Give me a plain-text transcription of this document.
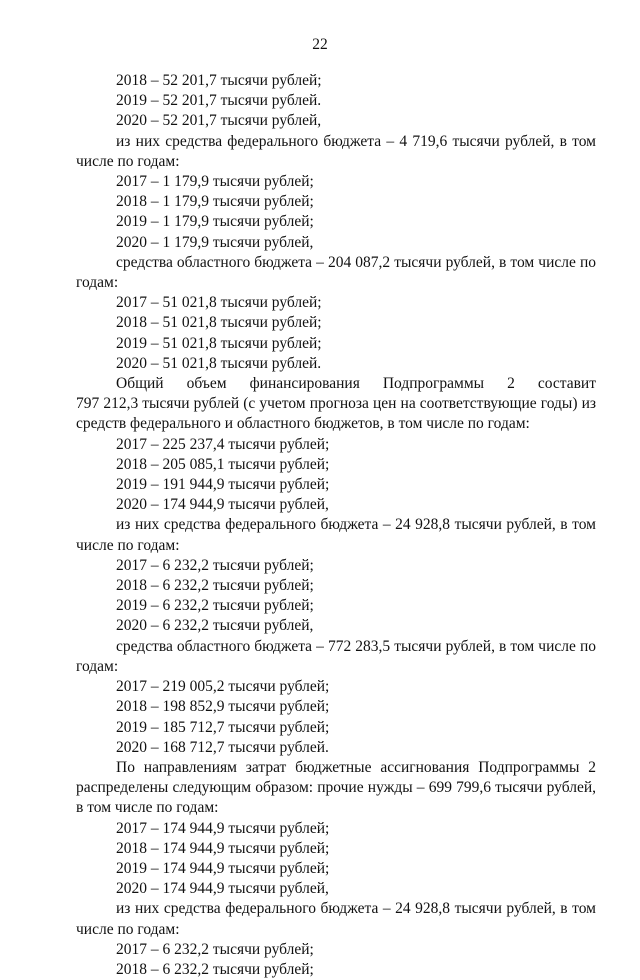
22
2018 – 52 201,7 тысячи рублей;
2019 – 52 201,7 тысячи рублей.
2020 – 52 201,7 тысячи рублей,
из них средства федерального бюджета – 4 719,6 тысячи рублей, в том
числе по годам:
2017 – 1 179,9 тысячи рублей;
2018 – 1 179,9 тысячи рублей;
2019 – 1 179,9 тысячи рублей;
2020 – 1 179,9 тысячи рублей,
средства областного бюджета – 204 087,2 тысячи рублей, в том числе по
годам:
2017 – 51 021,8 тысячи рублей;
2018 – 51 021,8 тысячи рублей;
2019 – 51 021,8 тысячи рублей;
2020 – 51 021,8 тысячи рублей.
Общий объем финансирования Подпрограммы 2 составит
797 212,3 тысячи рублей (с учетом прогноза цен на соответствующие годы) из
средств федерального и областного бюджетов, в том числе по годам:
2017 – 225 237,4 тысячи рублей;
2018 – 205 085,1 тысячи рублей;
2019 – 191 944,9 тысячи рублей;
2020 – 174 944,9 тысячи рублей,
из них средства федерального бюджета – 24 928,8 тысячи рублей, в том
числе по годам:
2017 – 6 232,2 тысячи рублей;
2018 – 6 232,2 тысячи рублей;
2019 – 6 232,2 тысячи рублей;
2020 – 6 232,2 тысячи рублей,
средства областного бюджета – 772 283,5 тысячи рублей, в том числе по
годам:
2017 – 219 005,2 тысячи рублей;
2018 – 198 852,9 тысячи рублей;
2019 – 185 712,7 тысячи рублей;
2020 – 168 712,7 тысячи рублей.
По направлениям затрат бюджетные ассигнования Подпрограммы 2
распределены следующим образом: прочие нужды – 699 799,6 тысячи рублей,
в том числе по годам:
2017 – 174 944,9 тысячи рублей;
2018 – 174 944,9 тысячи рублей;
2019 – 174 944,9 тысячи рублей;
2020 – 174 944,9 тысячи рублей,
из них средства федерального бюджета – 24 928,8 тысячи рублей, в том
числе по годам:
2017 – 6 232,2 тысячи рублей;
2018 – 6 232,2 тысячи рублей;
